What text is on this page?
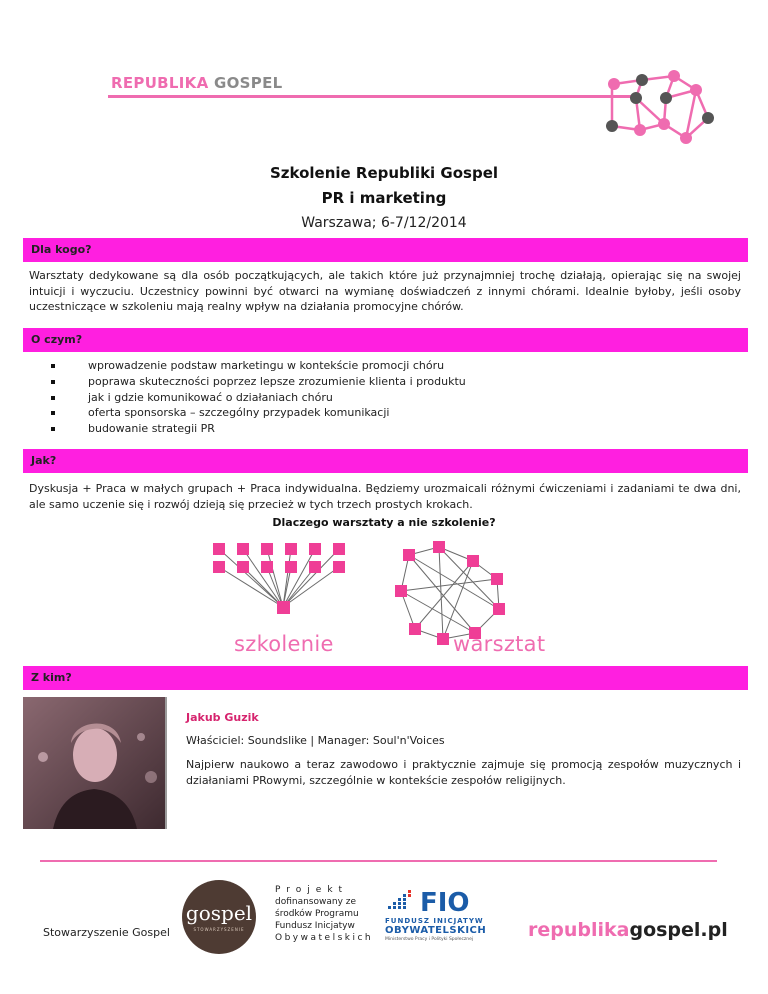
REPUBLIKA GOSPEL
Szkolenie Republiki Gospel
PR i marketing
Warszawa; 6-7/12/2014
Dla kogo?
Warsztaty dedykowane są dla osób początkujących, ale takich które już przynajmniej trochę działają, opierając się na swojej intuicji i wyczuciu. Uczestnicy powinni być otwarci na wymianę doświadczeń z innymi chórami. Idealnie byłoby, jeśli osoby uczestniczące w szkoleniu mają realny wpływ na działania promocyjne chórów.
O czym?
wprowadzenie podstaw marketingu w kontekście promocji chóru
poprawa skuteczności poprzez lepsze zrozumienie klienta i produktu
jak i gdzie komunikować o działaniach chóru
oferta sponsorska – szczególny przypadek komunikacji
budowanie strategii PR
Jak?
Dyskusja + Praca w małych grupach + Praca indywidualna. Będziemy urozmaicali różnymi ćwiczeniami i zadaniami te dwa dni, ale samo uczenie się i rozwój dzieją się przecież w tych trzech prostych krokach.
Dlaczego warsztaty a nie szkolenie?
szkolenie	warsztat
Z kim?
Jakub Guzik
Właściciel: Soundslike | Manager: Soul'n'Voices
Najpierw naukowo a teraz zawodowo i praktycznie zajmuje się promocją zespołów muzycznych i działaniami PRowymi, szczególnie w kontekście zespołów religijnych.
Stowarzyszenie Gospel
gospel
STOWARZYSZENIE
Projekt
dofinansowany ze
środków Programu
Fundusz Inicjatyw
Obywatelskich
FIO
FUNDUSZ INICJATYW
OBYWATELSKICH
Ministerstwo Pracy i Polityki Społecznej	republikagospel.pl
